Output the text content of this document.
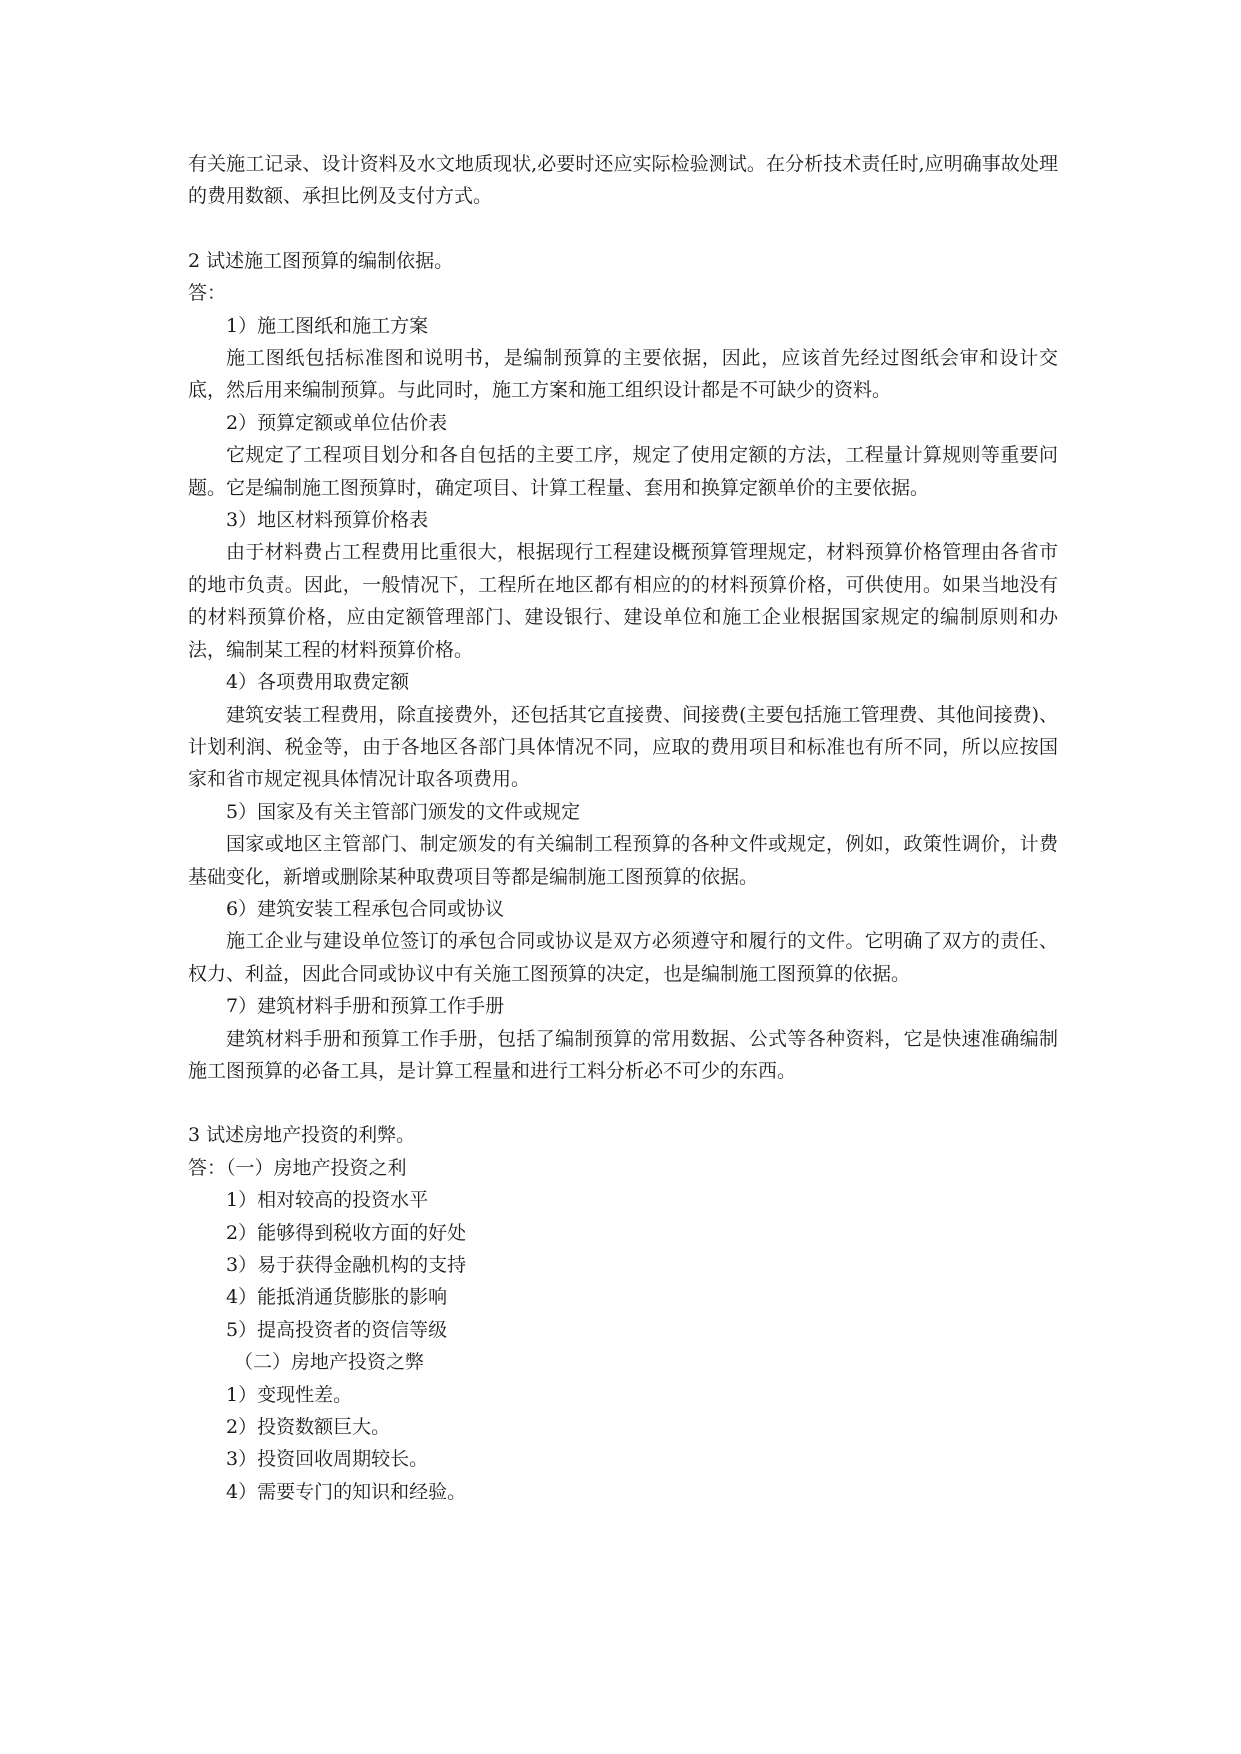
有关施工记录、设计资料及水文地质现状,必要时还应实际检验测试。在分析技术责任时,应明确事故处理的费用数额、承担比例及支付方式。

2 试述施工图预算的编制依据。

答：

1）施工图纸和施工方案

施工图纸包括标准图和说明书，是编制预算的主要依据，因此，应该首先经过图纸会审和设计交底，然后用来编制预算。与此同时，施工方案和施工组织设计都是不可缺少的资料。

2）预算定额或单位估价表

它规定了工程项目划分和各自包括的主要工序，规定了使用定额的方法，工程量计算规则等重要问题。它是编制施工图预算时，确定项目、计算工程量、套用和换算定额单价的主要依据。

3）地区材料预算价格表

由于材料费占工程费用比重很大，根据现行工程建设概预算管理规定，材料预算价格管理由各省市的地市负责。因此，一般情况下，工程所在地区都有相应的的材料预算价格，可供使用。如果当地没有的材料预算价格，应由定额管理部门、建设银行、建设单位和施工企业根据国家规定的编制原则和办法，编制某工程的材料预算价格。

4）各项费用取费定额

建筑安装工程费用，除直接费外，还包括其它直接费、间接费(主要包括施工管理费、其他间接费)、计划利润、税金等，由于各地区各部门具体情况不同，应取的费用项目和标准也有所不同，所以应按国家和省市规定视具体情况计取各项费用。

5）国家及有关主管部门颁发的文件或规定

国家或地区主管部门、制定颁发的有关编制工程预算的各种文件或规定，例如，政策性调价，计费基础变化，新增或删除某种取费项目等都是编制施工图预算的依据。

6）建筑安装工程承包合同或协议

施工企业与建设单位签订的承包合同或协议是双方必须遵守和履行的文件。它明确了双方的责任、权力、利益，因此合同或协议中有关施工图预算的决定，也是编制施工图预算的依据。

7）建筑材料手册和预算工作手册

建筑材料手册和预算工作手册，包括了编制预算的常用数据、公式等各种资料，它是快速准确编制施工图预算的必备工具，是计算工程量和进行工料分析必不可少的东西。

3 试述房地产投资的利弊。

答：（一）房地产投资之利

1）相对较高的投资水平

2）能够得到税收方面的好处

3）易于获得金融机构的支持

4）能抵消通货膨胀的影响

5）提高投资者的资信等级

（二）房地产投资之弊

1）变现性差。

2）投资数额巨大。

3）投资回收周期较长。

4）需要专门的知识和经验。
